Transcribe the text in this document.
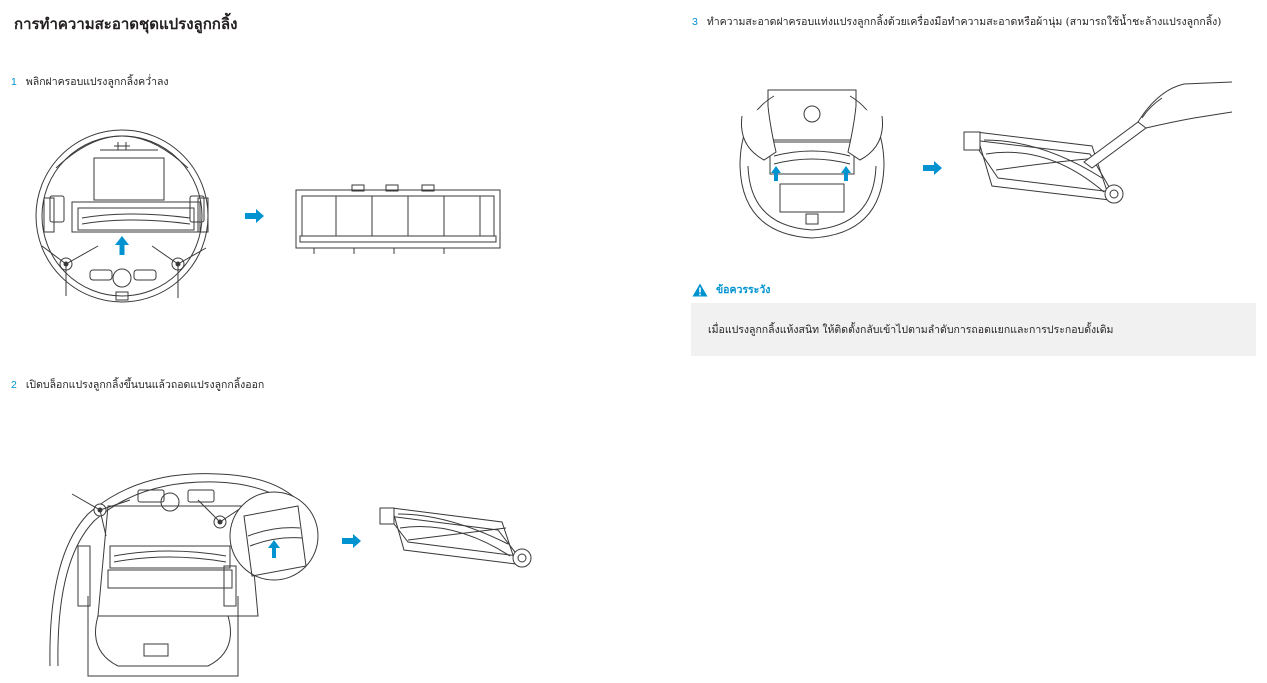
การทำความสะอาดชุดแปรงลูกกลิ้ง
1 พลิกฝาครอบแปรงลูกกลิ้งคว่ำลง
2 เปิดบล็อกแปรงลูกกลิ้งขึ้นบนแล้วถอดแปรงลูกกลิ้งออก
3 ทำความสะอาดฝาครอบแท่งแปรงลูกกลิ้งด้วยเครื่องมือทำความสะอาดหรือผ้านุ่ม (สามารถใช้น้ำชะล้างแปรงลูกกลิ้ง)
ข้อควรระวัง
เมื่อแปรงลูกกลิ้งแห้งสนิท ให้ติดตั้งกลับเข้าไปตามลำดับการถอดแยกและการประกอบดั้งเดิม
